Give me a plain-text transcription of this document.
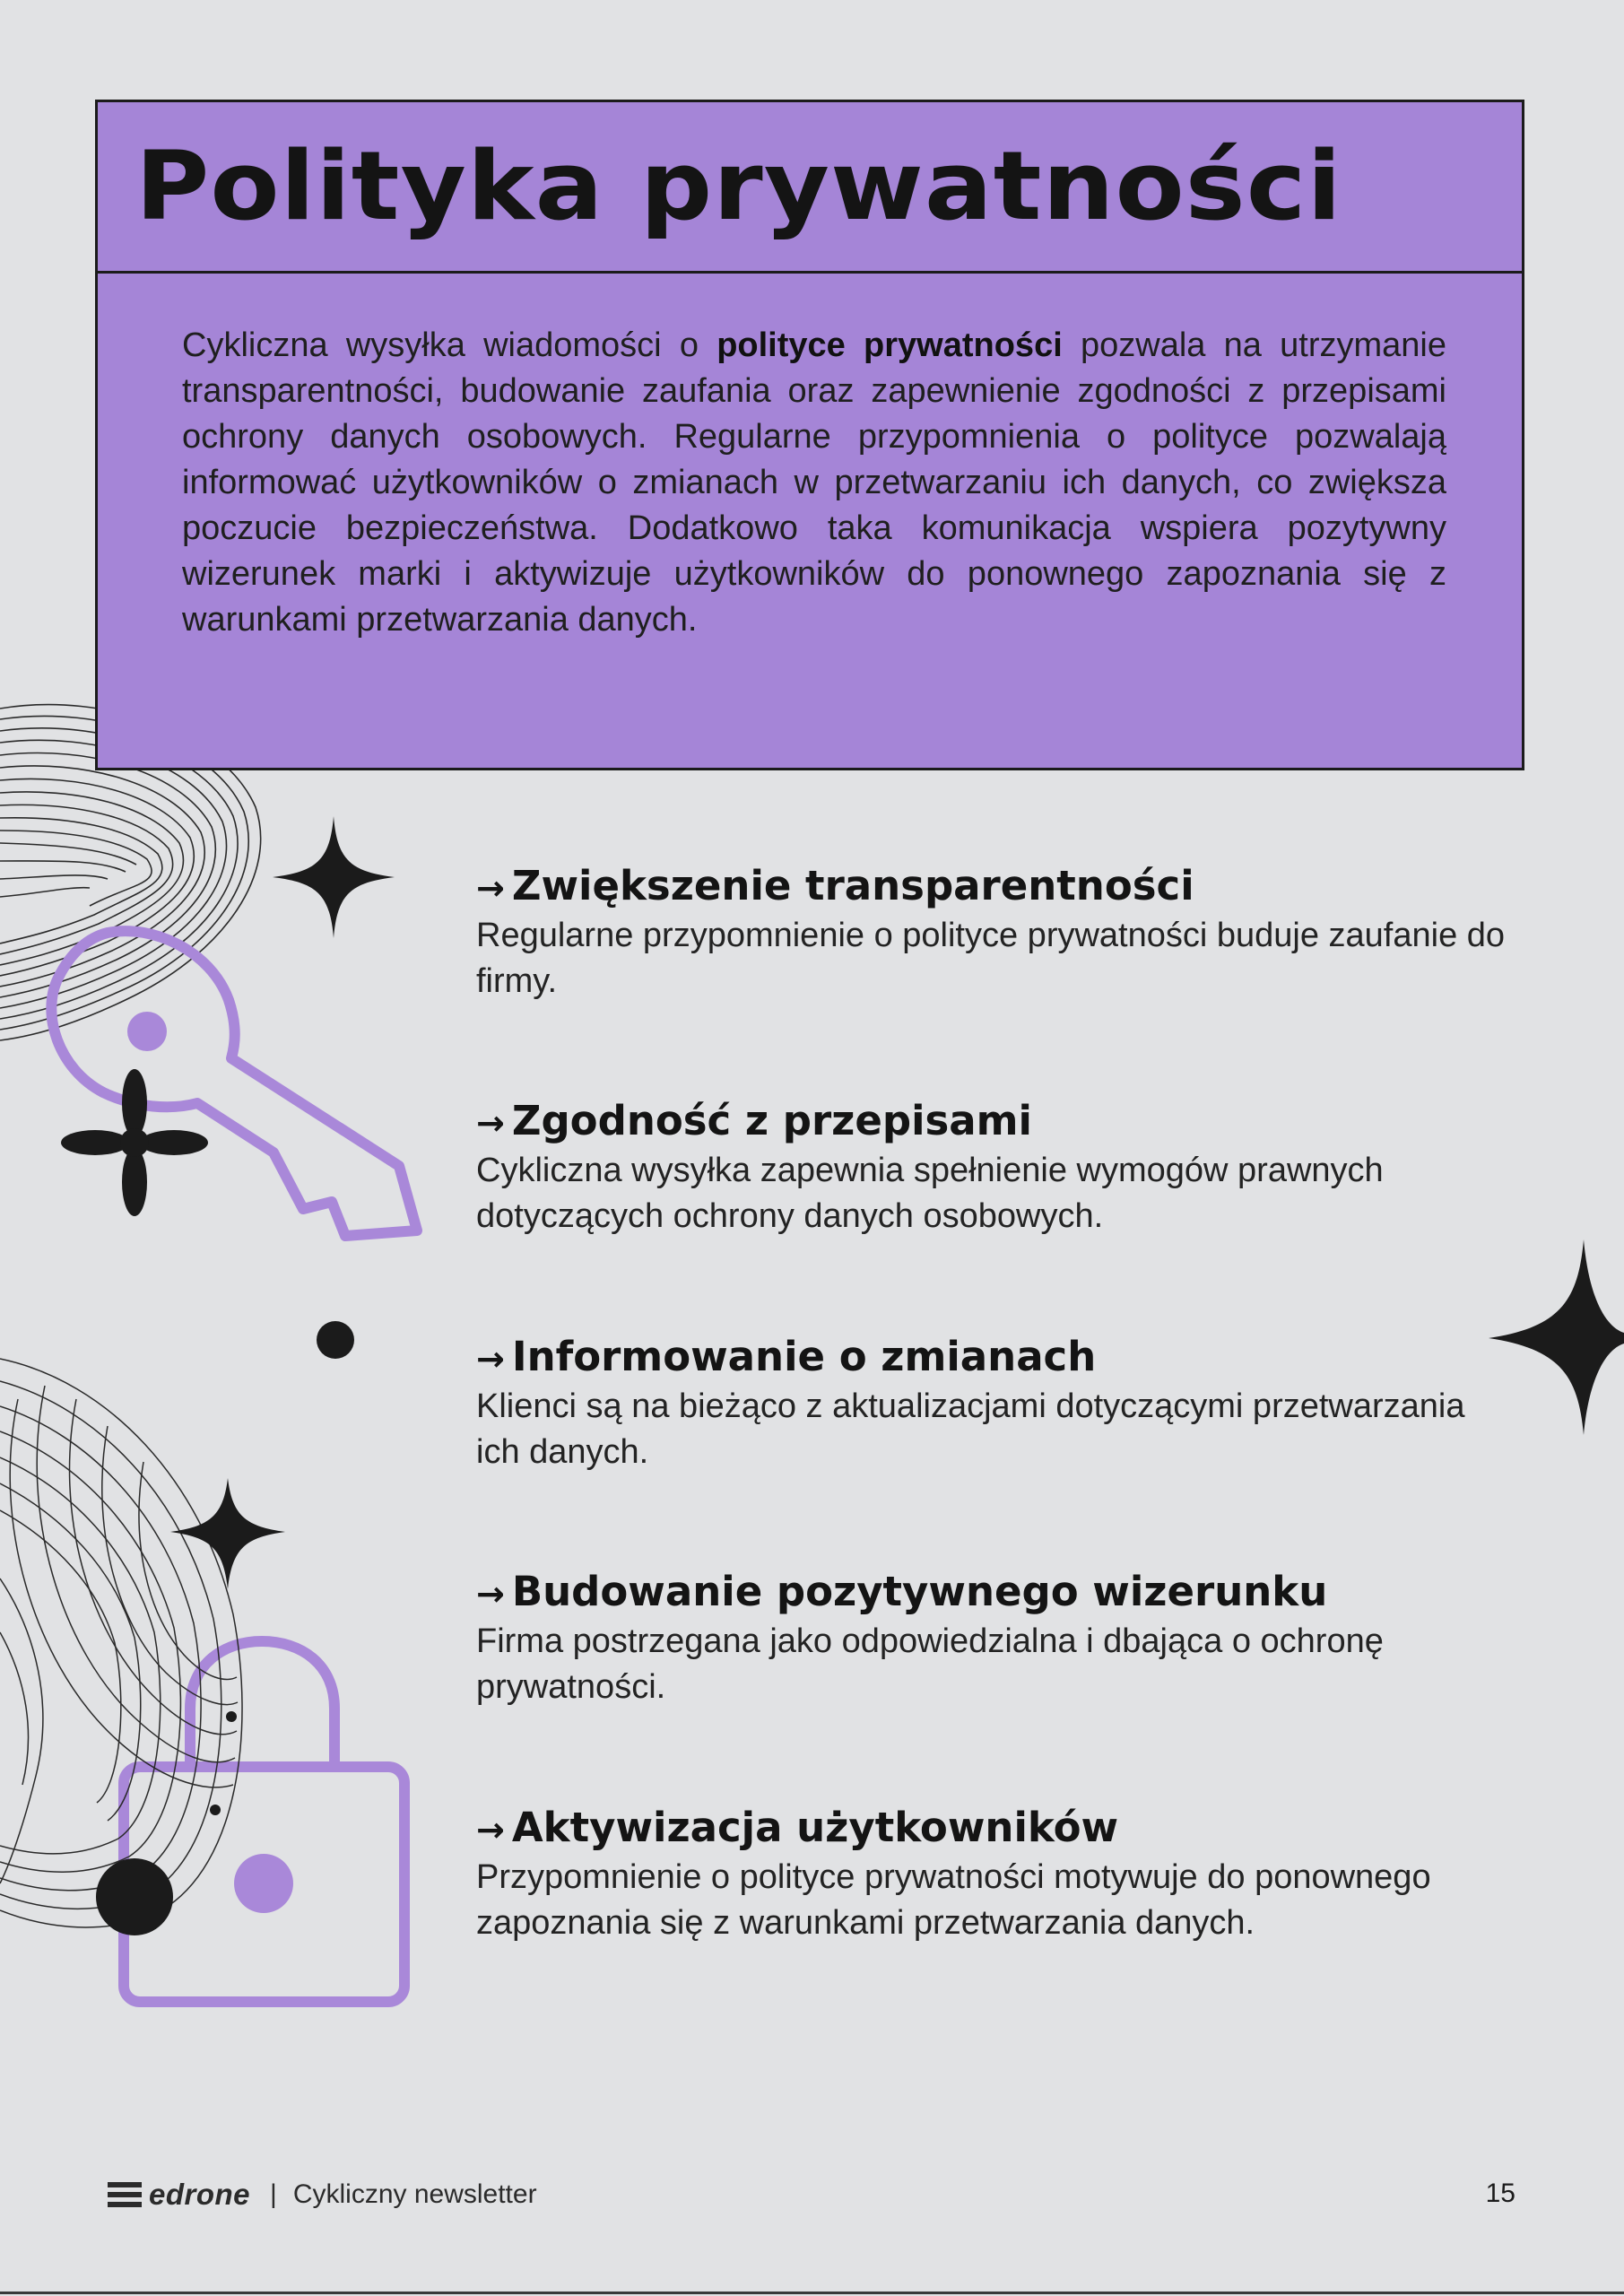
Polityka prywatności

Cykliczna wysyłka wiadomości o polityce prywatności pozwala na utrzymanie transparentności, budowanie zaufania oraz zapewnienie zgodności z przepisami ochrony danych osobowych. Regularne przypomnienia o polityce pozwalają informować użytkowników o zmianach w przetwarzaniu ich danych, co zwiększa poczucie bezpieczeństwa. Dodatkowo taka komunikacja wspiera pozytywny wizerunek marki i aktywizuje użytkowników do ponownego zapoznania się z warunkami przetwarzania danych.

→ Zwiększenie transparentności

Regularne przypomnienie o polityce prywatności buduje zaufanie do firmy.

→ Zgodność z przepisami

Cykliczna wysyłka zapewnia spełnienie wymogów prawnych dotyczących ochrony danych osobowych.

→ Informowanie o zmianach

Klienci są na bieżąco z aktualizacjami dotyczącymi przetwarzania ich danych.

→ Budowanie pozytywnego wizerunku

Firma postrzegana jako odpowiedzialna i dbająca o ochronę prywatności.

→ Aktywizacja użytkowników

Przypomnienie o polityce prywatności motywuje do ponownego zapoznania się z warunkami przetwarzania danych.

edrone | Cykliczny newsletter	15
